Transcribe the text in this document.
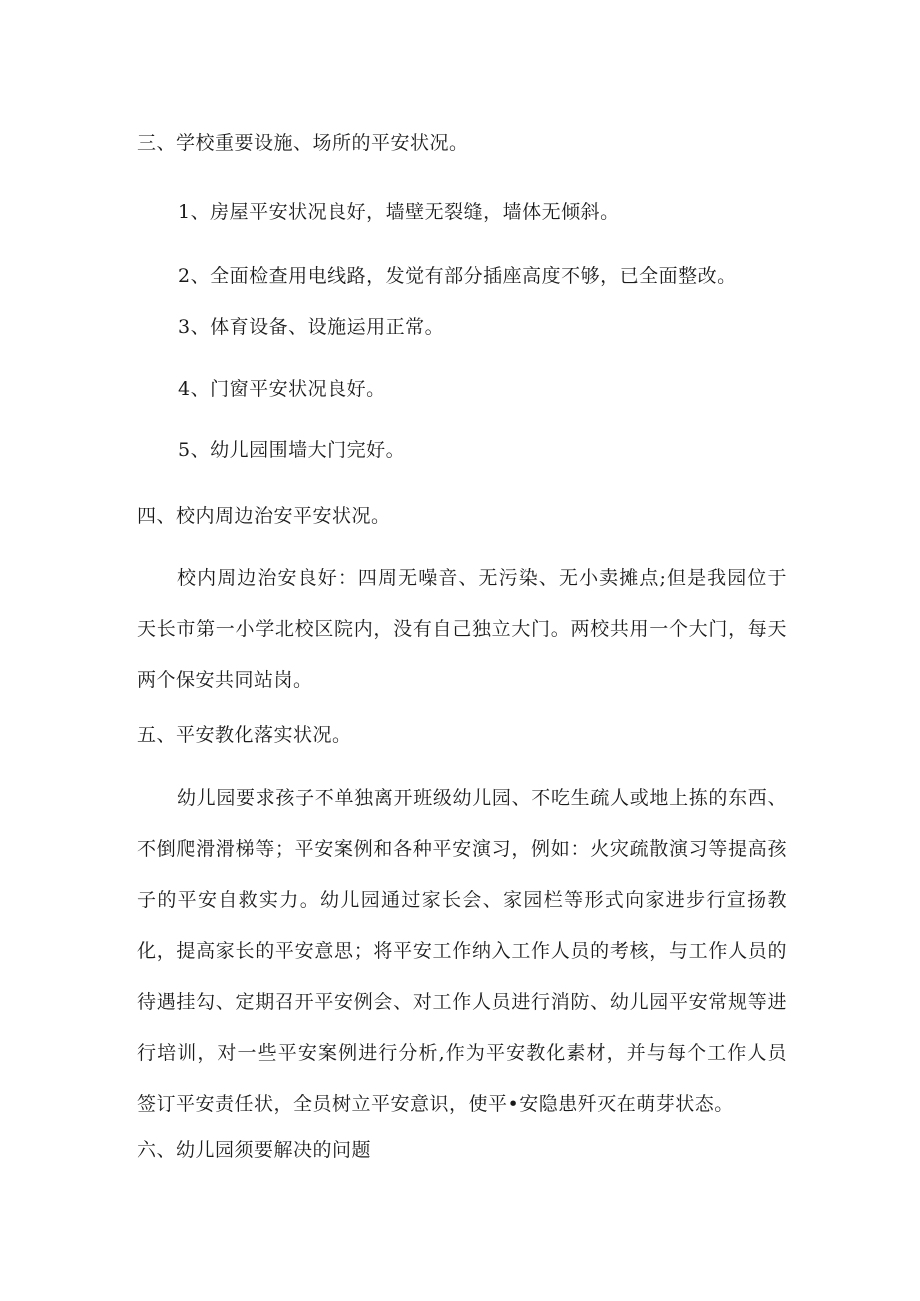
三、学校重要设施、场所的平安状况。
1、房屋平安状况良好，墙壁无裂缝，墙体无倾斜。
2、全面检查用电线路，发觉有部分插座高度不够，已全面整改。
3、体育设备、设施运用正常。
4、门窗平安状况良好。
5、幼儿园围墙大门完好。
四、校内周边治安平安状况。
校内周边治安良好：四周无噪音、无污染、无小卖摊点;但是我园位于天长市第一小学北校区院内，没有自己独立大门。两校共用一个大门，每天两个保安共同站岗。
五、平安教化落实状况。
幼儿园要求孩子不单独离开班级幼儿园、不吃生疏人或地上拣的东西、不倒爬滑滑梯等；平安案例和各种平安演习，例如：火灾疏散演习等提高孩子的平安自救实力。幼儿园通过家长会、家园栏等形式向家进步行宣扬教化，提高家长的平安意思；将平安工作纳入工作人员的考核，与工作人员的待遇挂勾、定期召开平安例会、对工作人员进行消防、幼儿园平安常规等进行培训，对一些平安案例进行分析,作为平安教化素材，并与每个工作人员签订平安责任状，全员树立平安意识，使平•安隐患歼灭在萌芽状态。
六、幼儿园须要解决的问题
